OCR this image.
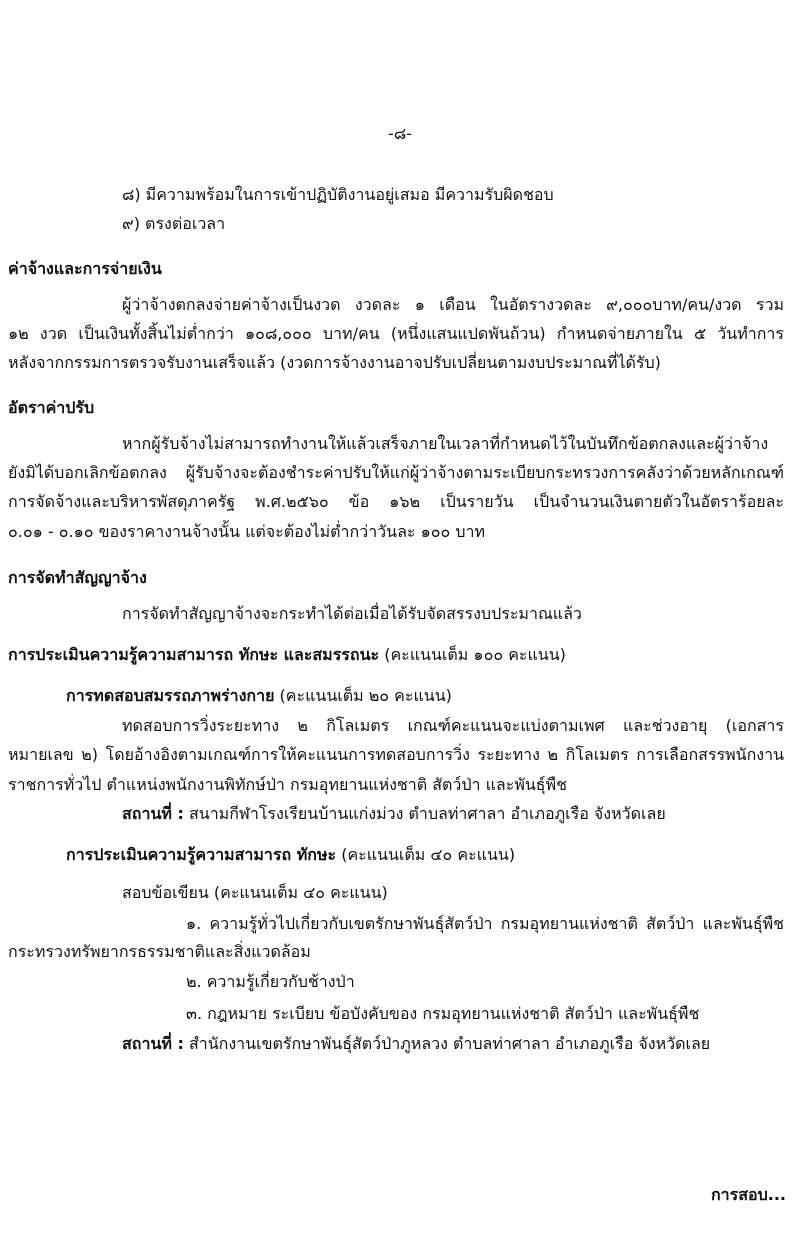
-๘-

๘) มีความพร้อมในการเข้าปฏิบัติงานอยู่เสมอ มีความรับผิดชอบ

๙) ตรงต่อเวลา

ค่าจ้างและการจ่ายเงิน

ผู้ว่าจ้างตกลงจ่ายค่าจ้างเป็นงวด งวดละ ๑ เดือน ในอัตรางวดละ ๙,๐๐๐บาท/คน/งวด รวม

๑๒ งวด เป็นเงินทั้งสิ้นไม่ต่ำกว่า ๑๐๘,๐๐๐ บาท/คน (หนึ่งแสนแปดพันถ้วน) กำหนดจ่ายภายใน ๕ วันทำการ

หลังจากกรรมการตรวจรับงานเสร็จแล้ว (งวดการจ้างงานอาจปรับเปลี่ยนตามงบประมาณที่ได้รับ)

อัตราค่าปรับ

หากผู้รับจ้างไม่สามารถทำงานให้แล้วเสร็จภายในเวลาที่กำหนดไว้ในบันทึกข้อตกลงและผู้ว่าจ้าง

ยังมิได้บอกเลิกข้อตกลง ผู้รับจ้างจะต้องชำระค่าปรับให้แก่ผู้ว่าจ้างตามระเบียบกระทรวงการคลังว่าด้วยหลักเกณฑ์

การจัดจ้างและบริหารพัสดุภาครัฐ พ.ศ.๒๕๖๐ ข้อ ๑๖๒ เป็นรายวัน เป็นจำนวนเงินตายตัวในอัตราร้อยละ

๐.๐๑ - ๐.๑๐ ของราคางานจ้างนั้น แต่จะต้องไม่ต่ำกว่าวันละ ๑๐๐ บาท

การจัดทำสัญญาจ้าง

การจัดทำสัญญาจ้างจะกระทำได้ต่อเมื่อได้รับจัดสรรงบประมาณแล้ว

การประเมินความรู้ความสามารถ ทักษะ และสมรรถนะ (คะแนนเต็ม ๑๐๐ คะแนน)

การทดสอบสมรรถภาพร่างกาย (คะแนนเต็ม ๒๐ คะแนน)

ทดสอบการวิ่งระยะทาง ๒ กิโลเมตร เกณฑ์คะแนนจะแบ่งตามเพศ และช่วงอายุ (เอกสาร

หมายเลข ๒) โดยอ้างอิงตามเกณฑ์การให้คะแนนการทดสอบการวิ่ง ระยะทาง ๒ กิโลเมตร การเลือกสรรพนักงาน

ราชการทั่วไป ตำแหน่งพนักงานพิทักษ์ป่า กรมอุทยานแห่งชาติ สัตว์ป่า และพันธุ์พืช

สถานที่ : สนามกีฬาโรงเรียนบ้านแก่งม่วง ตำบลท่าศาลา อำเภอภูเรือ จังหวัดเลย

การประเมินความรู้ความสามารถ ทักษะ (คะแนนเต็ม ๔๐ คะแนน)

สอบข้อเขียน (คะแนนเต็ม ๔๐ คะแนน)

๑. ความรู้ทั่วไปเกี่ยวกับเขตรักษาพันธุ์สัตว์ป่า กรมอุทยานแห่งชาติ สัตว์ป่า และพันธุ์พืช

กระทรวงทรัพยากรธรรมชาติและสิ่งแวดล้อม

๒. ความรู้เกี่ยวกับช้างป่า

๓. กฎหมาย ระเบียบ ข้อบังคับของ กรมอุทยานแห่งชาติ สัตว์ป่า และพันธุ์พืช

สถานที่ : สำนักงานเขตรักษาพันธุ์สัตว์ป่าภูหลวง ตำบลท่าศาลา อำเภอภูเรือ จังหวัดเลย

การสอบ...
